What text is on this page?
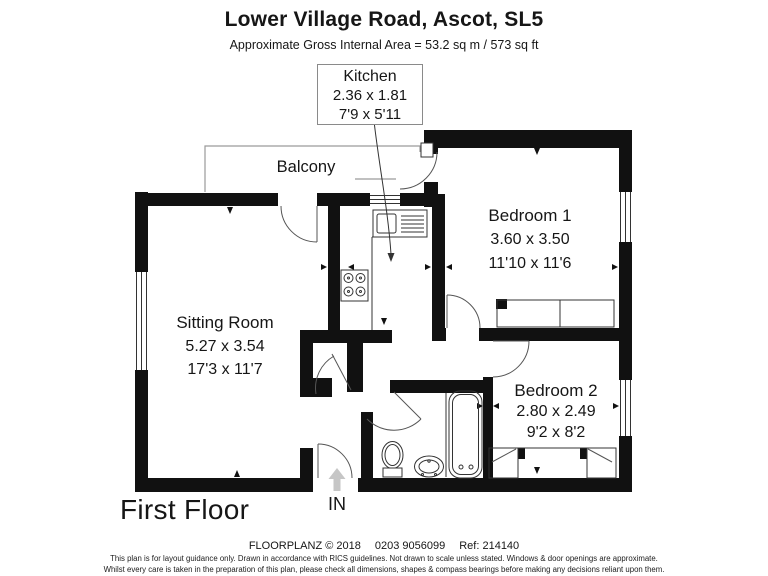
Lower Village Road, Ascot, SL5
Approximate Gross Internal Area = 53.2 sq m / 573 sq ft
Kitchen
2.36 x 1.81
7'9 x 5'11
Balcony
Bedroom 1
3.60 x 3.50
11'10 x 11'6
Sitting Room
5.27 x 3.54
17'3 x 11'7
Bedroom 2
2.80 x 2.49
9'2 x 8'2
First Floor	IN
FLOORPLANZ © 2018 0203 9056099 Ref: 214140
This plan is for layout guidance only. Drawn in accordance with RICS guidelines. Not drawn to scale unless stated. Windows & door openings are approximate.
Whilst every care is taken in the preparation of this plan, please check all dimensions, shapes & compass bearings before making any decisions reliant upon them.
